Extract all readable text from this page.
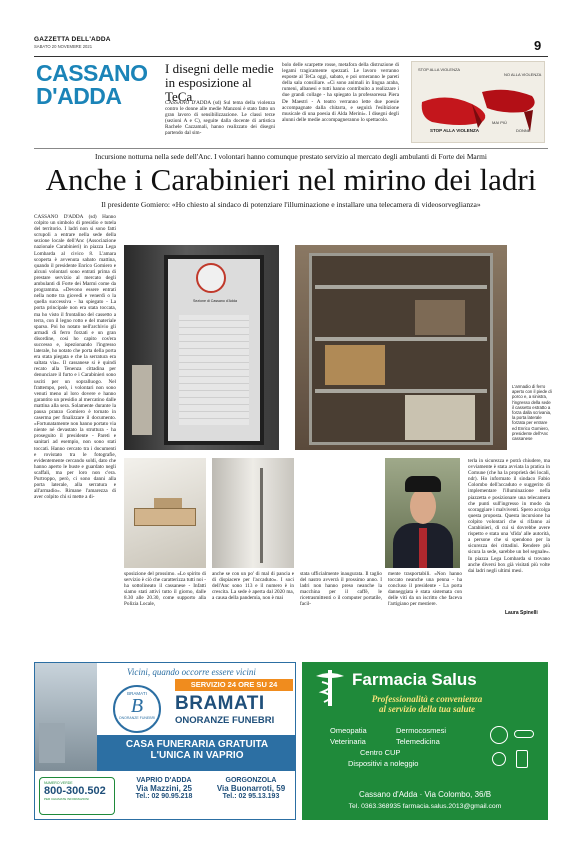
GAZZETTA DELL'ADDA
SABATO 20 NOVEMBRE 2021	9
CASSANO
D'ADDA
I disegni delle medie in esposizione al TeCa
CASSANO D'ADDA (sd) Sul tema della violenza contro le donne alle medie Manzoni è stato fatto un gran lavoro di sensibilizzazione. Le classi terze (sezioni A e C), seguite dalla docente di artistica Rachele Cazzamali, hanno realizzato dei disegni partendo dal sim-
bolo delle scarpette rosse, metafora della distruzione di legami tragicamente spezzati. Le lavoro verranno esposte al TeCa oggi, sabato, e poi orneranno le pareti della sala consiliare. «Ci sono animali in lingua araba, rumeni, albanesi e tutti hanno contribuito a realizzare i due grandi collage - ha spiegato la professoressa Piera De Maestri - A teatro verranno lette due poesie accompagnate dalla chitarra, e seguirà l'esibizione musicale di una poesia di Alda Merini». I disegni degli alunni delle medie accompagneranno lo spettacolo.
STOP ALLA VIOLENZA
NO ALLA VIOLENZA
STOP ALLA VIOLENZA
MAI PIÙ
DONNE
Incursione notturna nella sede dell'Anc. I volontari hanno comunque prestato servizio al mercato degli ambulanti di Forte dei Marmi
Anche i Carabinieri nel mirino dei ladri
Il presidente Gomiero: «Ho chiesto al sindaco di potenziare l'illuminazione e installare una telecamera di videosorveglianza»
CASSANO D'ADDA (sd) Hanno colpito un simbolo di presidio e tutela del territorio. I ladri non si sono fatti scrupoli a entrare nella sede della sezione locale dell'Anc (Associazione nazionale Carabinieri) in piazza Lega Lombarda al civico 8. L'amara scoperta è avvenuta sabato mattina, quando il presidente Enrico Gomiero e alcuni volontari sono entrati prima di prestare servizio al mercato degli ambulanti di Forte dei Marmi come da programma. «Devono essere entrati nella notte tra giovedì e venerdì o la quella successiva - ha spiegato - La porta principale non era stata toccata, ma ho visto il frontalino del cassetto a terra, con il legno rotto e del materiale sparso. Poi ho notato nell'archivio gli armadi di ferro forzati e un gran disordine, così ho capito cos'era successo e, ispezionando l'ingresso laterale, ho notato che porta della porta era stata piegata e che la serratura era saltata via». Il cassanese si è quindi recato alla Tenenza cittadina per denunciare il furto e i Carabinieri sono usciti per un sopralluogo. Nel frattempo, però, i volontari non sono venuti meno al loro dovere e hanno garantito un presidio al mercatino dalle mattina alla sera. Solamente durante la pausa pranzo Gomiero è tornato in caserma per finalizzare il documento. «Fortunatamente non hanno portato via niente né devastato la struttura - ha proseguito il presidente - Pareti e sanitari ad esempio, non sono stati toccati. Hanno cercato tra i documenti e rovistato tra le fotografie, evidentemente cercando soldi, dato che hanno aperto le buste e guardato negli scaffali, ma per loro non c'era. Purtroppo, però, ci sono danni alla porta laterale, alla serratura e all'armadio». Rimane l'amarezza di aver colpito chi si mette a di-
Sezione di Cassano d'Adda
L'armadio di ferro aperto con il piede di porco e, a sinistra, l'ingresso della sede il cassetto estratto a forza dalla scrivania, la porta laterale forzata per entrare ed Enrico Gomiero, presidente dell'Anc cassanese
sposizione del prossimo. «Lo spirito di servizio è ciò che caratterizza tutti noi - ha sottolineato il cassanese - Infatti siamo stati attivi tutto il giorno, dalle 8.30 alle 20.30, come supporto alla Polizia Locale,
anche se con un po' di mal di pancia e di dispiacere per l'accaduto». I soci dell'Anc sono 113 e il numero è in crescita. La sede è aperta dal 2020 ma, a causa della pandemia, non è mai
stata ufficialmente inaugurata. Il taglio del nastro avverrà il prossimo anno. I ladri non hanno preso neanche la macchina per il caffè, le ricetrasmittenti o il computer portatile, facil-
mente trasportabili. «Non hanno toccato neanche una penna - ha concluso il presidente - La porta danneggiata è stata sistemata con delle viti da un iscritto che faceva l'artigiano per mestiere.
terla in sicurezza e potrà chiudere, ma ovviamente è stata avviata la pratica in Comune (che ha la proprietà dei locali, ndr). Ho informato il sindaco Fabio Colombo dell'accaduto e suggerito di implementare l'illuminazione nella piazzetta e posizionare una telecamera che punti sull'ingresso in modo da scoraggiare i malviventi. Spero accolga questa proposta. Questa incursione ha colpito volontari che si rifanno ai Carabinieri, di cui si dovrebbe avere rispetto e stata una 'sfida' alle autorità, a persone che si spendono per la sicurezza dei cittadini. Rendere più sicura la sede, sarebbe un bel segnale». In piazza Lega Lombarda si trovano anche diversi box già visitati più volte dai ladri negli ultimi mesi.
Laura Spinelli
Vicini, quando occorre essere vicini
SERVIZIO 24 ORE SU 24
BRAMATI
B
ONORANZE FUNEBRI
BRAMATI
ONORANZE FUNEBRI
CASA FUNERARIA GRATUITA
L'UNICA IN VAPRIO
NUMERO VERDE
800-300.502
PER CHIAMATE INFORMAZIONI
VAPRIO D'ADDA
Via Mazzini, 25
Tel.: 02 90.95.218
GORGONZOLA
Via Buonarroti, 59
Tel.: 02 95.13.193
Farmacia Salus
Professionalità e convenienza
al servizio della tua salute
Omeopatia	Dermocosmesi
Veterinaria	Telemedicina
Centro CUP
Dispositivi a noleggio
Cassano d'Adda · Via Colombo, 36/B
Tel. 0363.368935 farmacia.salus.2013@gmail.com
